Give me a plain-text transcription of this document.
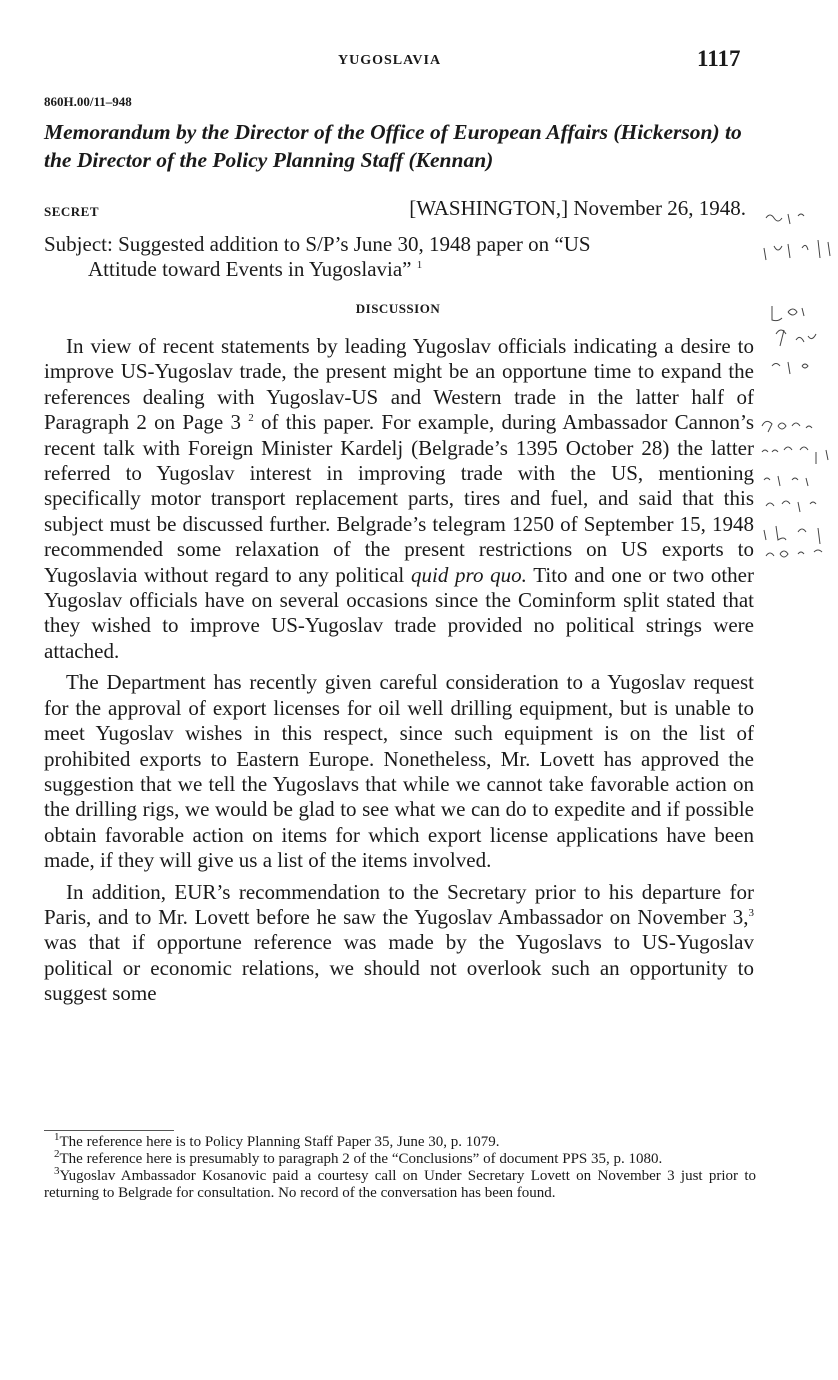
YUGOSLAVIA	1117
860H.00/11–948
Memorandum by the Director of the Office of European Affairs (Hickerson) to the Director of the Policy Planning Staff (Kennan)
SECRET	[WASHINGTON,] November 26, 1948.
Subject: Suggested addition to S/P’s June 30, 1948 paper on “US
Attitude toward Events in Yugoslavia” $^1$
DISCUSSION

In view of recent statements by leading Yugoslav officials indicating a desire to improve US-Yugoslav trade, the present might be an opportune time to expand the references dealing with Yugoslav-US and Western trade in the latter half of Paragraph 2 on Page 3 $^2$ of this paper. For example, during Ambassador Cannon’s recent talk with Foreign Minister Kardelj (Belgrade’s 1395 October 28) the latter referred to Yugoslav interest in improving trade with the US, mentioning specifically motor transport replacement parts, tires and fuel, and said that this subject must be discussed further. Belgrade’s telegram 1250 of September 15, 1948 recommended some relaxation of the present restrictions on US exports to Yugoslavia without regard to any political quid pro quo. Tito and one or two other Yugoslav officials have on several occasions since the Cominform split stated that they wished to improve US-Yugoslav trade provided no political strings were attached.

The Department has recently given careful consideration to a Yugoslav request for the approval of export licenses for oil well drilling equipment, but is unable to meet Yugoslav wishes in this respect, since such equipment is on the list of prohibited exports to Eastern Europe. Nonetheless, Mr. Lovett has approved the suggestion that we tell the Yugoslavs that while we cannot take favorable action on the drilling rigs, we would be glad to see what we can do to expedite and if possible obtain favorable action on items for which export license applications have been made, if they will give us a list of the items involved.

In addition, EUR’s recommendation to the Secretary prior to his departure for Paris, and to Mr. Lovett before he saw the Yugoslav Ambassador on November 3,$^3$ was that if opportune reference was made by the Yugoslavs to US-Yugoslav political or economic relations, we should not overlook such an opportunity to suggest some

$^1$The reference here is to Policy Planning Staff Paper 35, June 30, p. 1079.

$^2$The reference here is presumably to paragraph 2 of the “Conclusions” of document PPS 35, p. 1080.

$^3$Yugoslav Ambassador Kosanovic paid a courtesy call on Under Secretary Lovett on November 3 just prior to returning to Belgrade for consultation. No record of the conversation has been found.
